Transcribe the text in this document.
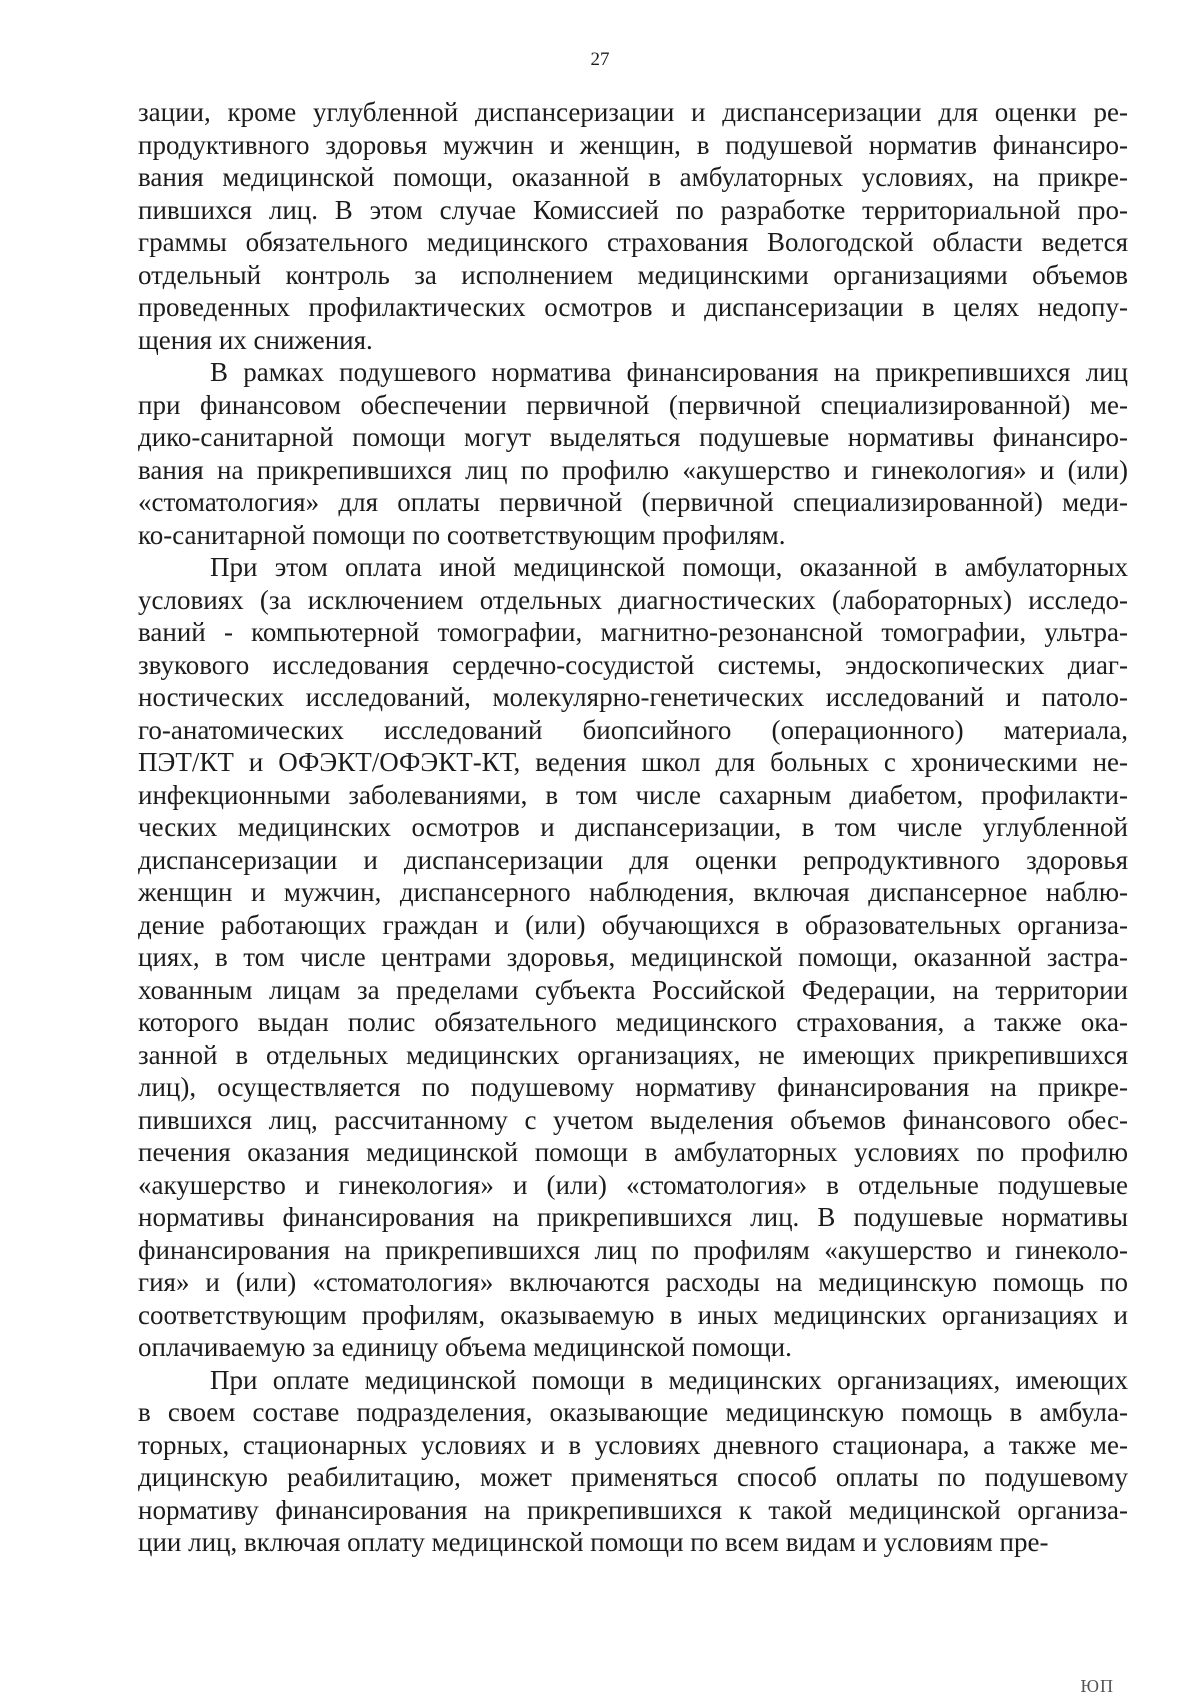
27
зации, кроме углубленной диспансеризации и диспансеризации для оценки ре-
продуктивного здоровья мужчин и женщин, в подушевой норматив финансиро-
вания медицинской помощи, оказанной в амбулаторных условиях, на прикре-
пившихся лиц. В этом случае Комиссией по разработке территориальной про-
граммы обязательного медицинского страхования Вологодской области ведется
отдельный контроль за исполнением медицинскими организациями объемов
проведенных профилактических осмотров и диспансеризации в целях недопу-
щения их снижения.
В рамках подушевого норматива финансирования на прикрепившихся лиц
при финансовом обеспечении первичной (первичной специализированной) ме-
дико-санитарной помощи могут выделяться подушевые нормативы финансиро-
вания на прикрепившихся лиц по профилю «акушерство и гинекология» и (или)
«стоматология» для оплаты первичной (первичной специализированной) меди-
ко-санитарной помощи по соответствующим профилям.
При этом оплата иной медицинской помощи, оказанной в амбулаторных
условиях (за исключением отдельных диагностических (лабораторных) исследо-
ваний - компьютерной томографии, магнитно-резонансной томографии, ультра-
звукового исследования сердечно-сосудистой системы, эндоскопических диаг-
ностических исследований, молекулярно-генетических исследований и патоло-
го-анатомических исследований биопсийного (операционного) материала,
ПЭТ/КТ и ОФЭКТ/ОФЭКТ-КТ, ведения школ для больных с хроническими не-
инфекционными заболеваниями, в том числе сахарным диабетом, профилакти-
ческих медицинских осмотров и диспансеризации, в том числе углубленной
диспансеризации и диспансеризации для оценки репродуктивного здоровья
женщин и мужчин, диспансерного наблюдения, включая диспансерное наблю-
дение работающих граждан и (или) обучающихся в образовательных организа-
циях, в том числе центрами здоровья, медицинской помощи, оказанной застра-
хованным лицам за пределами субъекта Российской Федерации, на территории
которого выдан полис обязательного медицинского страхования, а также ока-
занной в отдельных медицинских организациях, не имеющих прикрепившихся
лиц), осуществляется по подушевому нормативу финансирования на прикре-
пившихся лиц, рассчитанному с учетом выделения объемов финансового обес-
печения оказания медицинской помощи в амбулаторных условиях по профилю
«акушерство и гинекология» и (или) «стоматология» в отдельные подушевые
нормативы финансирования на прикрепившихся лиц. В подушевые нормативы
финансирования на прикрепившихся лиц по профилям «акушерство и гинеколо-
гия» и (или) «стоматология» включаются расходы на медицинскую помощь по
соответствующим профилям, оказываемую в иных медицинских организациях и
оплачиваемую за единицу объема медицинской помощи.
При оплате медицинской помощи в медицинских организациях, имеющих
в своем составе подразделения, оказывающие медицинскую помощь в амбула-
торных, стационарных условиях и в условиях дневного стационара, а также ме-
дицинскую реабилитацию, может применяться способ оплаты по подушевому
нормативу финансирования на прикрепившихся к такой медицинской организа-
ции лиц, включая оплату медицинской помощи по всем видам и условиям пре-
ЮП
